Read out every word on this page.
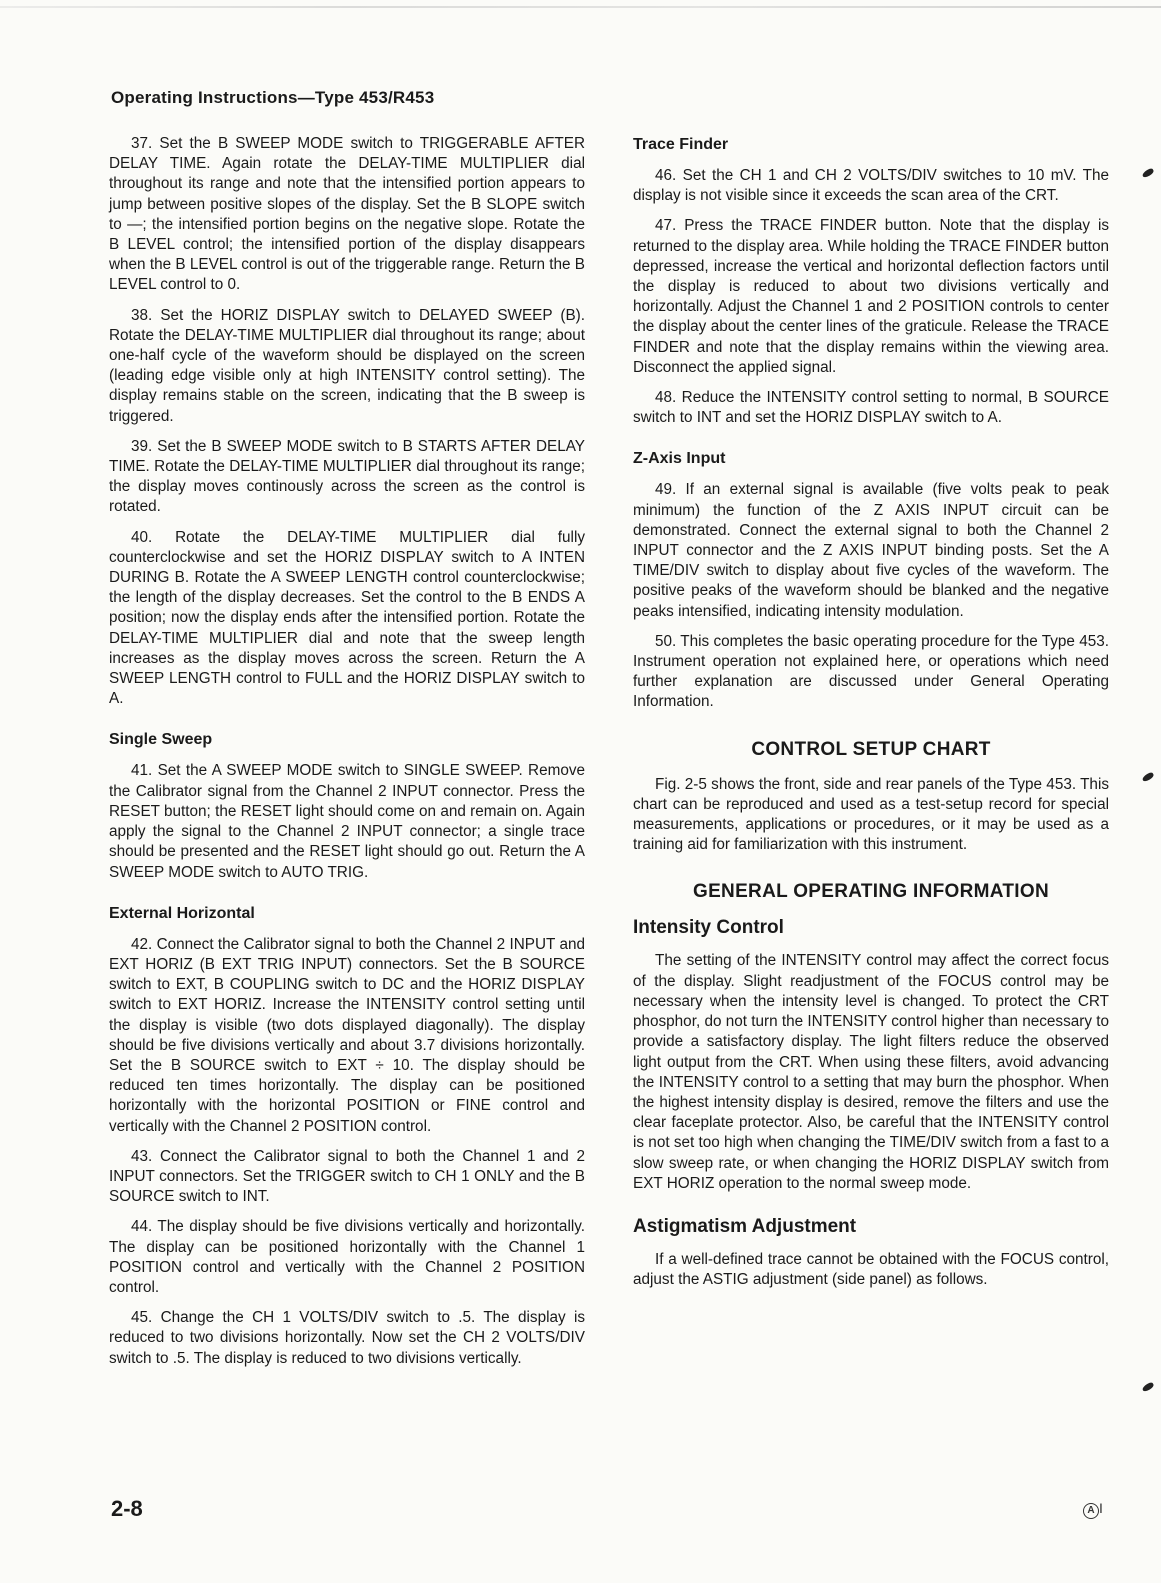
Operating Instructions—Type 453/R453

37. Set the B SWEEP MODE switch to TRIGGERABLE AFTER DELAY TIME. Again rotate the DELAY-TIME MULTIPLIER dial throughout its range and note that the intensified portion appears to jump between positive slopes of the display. Set the B SLOPE switch to —; the intensified portion begins on the negative slope. Rotate the B LEVEL control; the intensified portion of the display disappears when the B LEVEL control is out of the triggerable range. Return the B LEVEL control to 0.

38. Set the HORIZ DISPLAY switch to DELAYED SWEEP (B). Rotate the DELAY-TIME MULTIPLIER dial throughout its range; about one-half cycle of the waveform should be displayed on the screen (leading edge visible only at high INTENSITY control setting). The display remains stable on the screen, indicating that the B sweep is triggered.

39. Set the B SWEEP MODE switch to B STARTS AFTER DELAY TIME. Rotate the DELAY-TIME MULTIPLIER dial throughout its range; the display moves continously across the screen as the control is rotated.

40. Rotate the DELAY-TIME MULTIPLIER dial fully counterclockwise and set the HORIZ DISPLAY switch to A INTEN DURING B. Rotate the A SWEEP LENGTH control counterclockwise; the length of the display decreases. Set the control to the B ENDS A position; now the display ends after the intensified portion. Rotate the DELAY-TIME MULTIPLIER dial and note that the sweep length increases as the display moves across the screen. Return the A SWEEP LENGTH control to FULL and the HORIZ DISPLAY switch to A.

Single Sweep

41. Set the A SWEEP MODE switch to SINGLE SWEEP. Remove the Calibrator signal from the Channel 2 INPUT connector. Press the RESET button; the RESET light should come on and remain on. Again apply the signal to the Channel 2 INPUT connector; a single trace should be presented and the RESET light should go out. Return the A SWEEP MODE switch to AUTO TRIG.

External Horizontal

42. Connect the Calibrator signal to both the Channel 2 INPUT and EXT HORIZ (B EXT TRIG INPUT) connectors. Set the B SOURCE switch to EXT, B COUPLING switch to DC and the HORIZ DISPLAY switch to EXT HORIZ. Increase the INTENSITY control setting until the display is visible (two dots displayed diagonally). The display should be five divisions vertically and about 3.7 divisions horizontally. Set the B SOURCE switch to EXT ÷ 10. The display should be reduced ten times horizontally. The display can be positioned horizontally with the horizontal POSITION or FINE control and vertically with the Channel 2 POSITION control.

43. Connect the Calibrator signal to both the Channel 1 and 2 INPUT connectors. Set the TRIGGER switch to CH 1 ONLY and the B SOURCE switch to INT.

44. The display should be five divisions vertically and horizontally. The display can be positioned horizontally with the Channel 1 POSITION control and vertically with the Channel 2 POSITION control.

45. Change the CH 1 VOLTS/DIV switch to .5. The display is reduced to two divisions horizontally. Now set the CH 2 VOLTS/DIV switch to .5. The display is reduced to two divisions vertically.

Trace Finder

46. Set the CH 1 and CH 2 VOLTS/DIV switches to 10 mV. The display is not visible since it exceeds the scan area of the CRT.

47. Press the TRACE FINDER button. Note that the display is returned to the display area. While holding the TRACE FINDER button depressed, increase the vertical and horizontal deflection factors until the display is reduced to about two divisions vertically and horizontally. Adjust the Channel 1 and 2 POSITION controls to center the display about the center lines of the graticule. Release the TRACE FINDER and note that the display remains within the viewing area. Disconnect the applied signal.

48. Reduce the INTENSITY control setting to normal, B SOURCE switch to INT and set the HORIZ DISPLAY switch to A.

Z-Axis Input

49. If an external signal is available (five volts peak to peak minimum) the function of the Z AXIS INPUT circuit can be demonstrated. Connect the external signal to both the Channel 2 INPUT connector and the Z AXIS INPUT binding posts. Set the A TIME/DIV switch to display about five cycles of the waveform. The positive peaks of the waveform should be blanked and the negative peaks intensified, indicating intensity modulation.

50. This completes the basic operating procedure for the Type 453. Instrument operation not explained here, or operations which need further explanation are discussed under General Operating Information.

CONTROL SETUP CHART

Fig. 2-5 shows the front, side and rear panels of the Type 453. This chart can be reproduced and used as a test-setup record for special measurements, applications or procedures, or it may be used as a training aid for familiarization with this instrument.

GENERAL OPERATING INFORMATION
Intensity Control

The setting of the INTENSITY control may affect the correct focus of the display. Slight readjustment of the FOCUS control may be necessary when the intensity level is changed. To protect the CRT phosphor, do not turn the INTENSITY control higher than necessary to provide a satisfactory display. The light filters reduce the observed light output from the CRT. When using these filters, avoid advancing the INTENSITY control to a setting that may burn the phosphor. When the highest intensity display is desired, remove the filters and use the clear faceplate protector. Also, be careful that the INTENSITY control is not set too high when changing the TIME/DIV switch from a fast to a slow sweep rate, or when changing the HORIZ DISPLAY switch from EXT HORIZ operation to the normal sweep mode.

Astigmatism Adjustment

If a well-defined trace cannot be obtained with the FOCUS control, adjust the ASTIG adjustment (side panel) as follows.

2-8	A I
